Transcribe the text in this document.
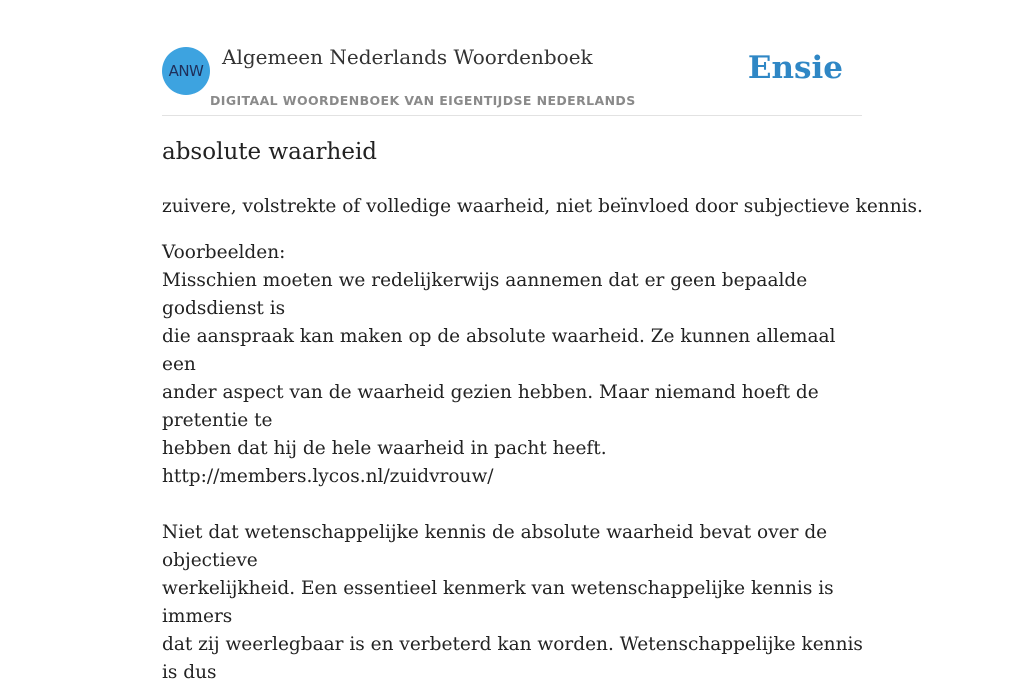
ANW
Algemeen Nederlands Woordenboek
DIGITAAL WOORDENBOEK VAN EIGENTIJDSE NEDERLANDS
Ensie
absolute waarheid

zuivere, volstrekte of volledige waarheid, niet beïnvloed door subjectieve kennis.

Voorbeelden:

Misschien moeten we redelijkerwijs aannemen dat er geen bepaalde godsdienst is

die aanspraak kan maken op de absolute waarheid. Ze kunnen allemaal een

ander aspect van de waarheid gezien hebben. Maar niemand hoeft de pretentie te

hebben dat hij de hele waarheid in pacht heeft.

http://members.lycos.nl/zuidvrouw/

Niet dat wetenschappelijke kennis de absolute waarheid bevat over de objectieve

werkelijkheid. Een essentieel kenmerk van wetenschappelijke kennis is immers

dat zij weerlegbaar is en verbeterd kan worden. Wetenschappelijke kennis is dus
